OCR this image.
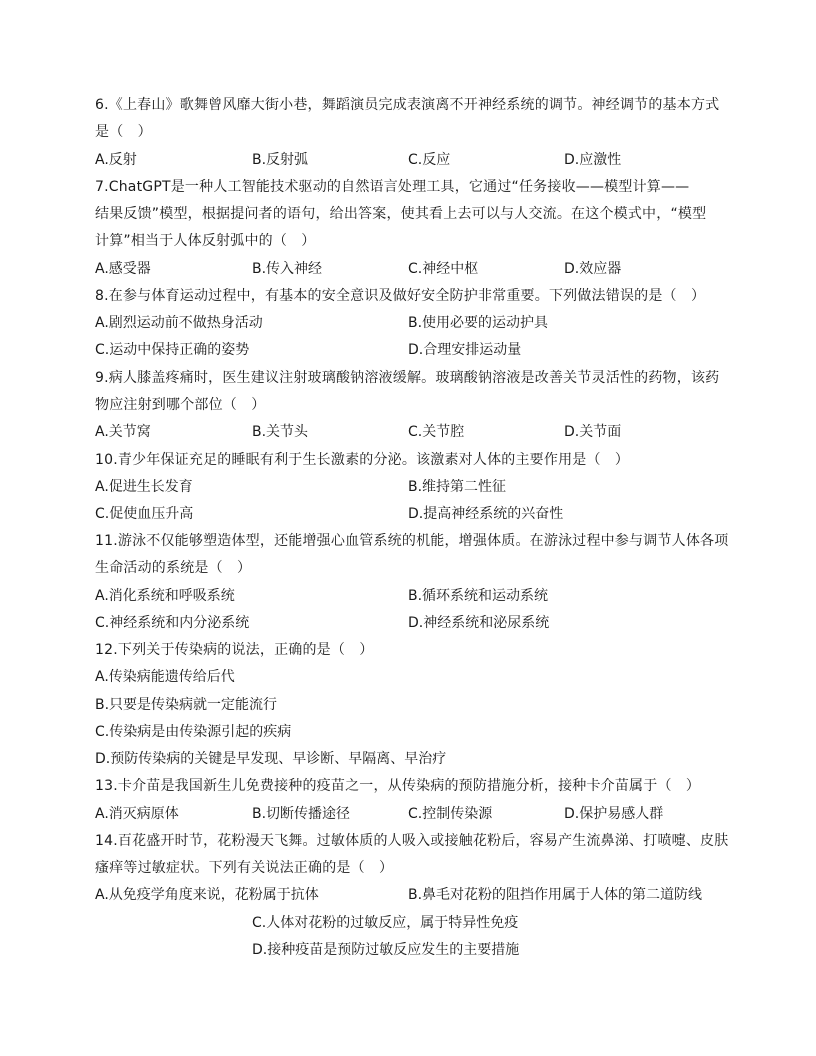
6.《上春山》歌舞曾风靡大街小巷，舞蹈演员完成表演离不开神经系统的调节。神经调节的基本方式
是（　）
A.反射	B.反射弧	C.反应	D.应激性
7.ChatGPT是一种人工智能技术驱动的自然语言处理工具，它通过“任务接收——模型计算——
结果反馈”模型，根据提问者的语句，给出答案，使其看上去可以与人交流。在这个模式中，“模型
计算”相当于人体反射弧中的（　）
A.感受器	B.传入神经	C.神经中枢	D.效应器
8.在参与体育运动过程中，有基本的安全意识及做好安全防护非常重要。下列做法错误的是（　）
A.剧烈运动前不做热身活动	B.使用必要的运动护具
C.运动中保持正确的姿势	D.合理安排运动量
9.病人膝盖疼痛时，医生建议注射玻璃酸钠溶液缓解。玻璃酸钠溶液是改善关节灵活性的药物，该药
物应注射到哪个部位（　）
A.关节窝	B.关节头	C.关节腔	D.关节面
10.青少年保证充足的睡眠有利于生长激素的分泌。该激素对人体的主要作用是（　）
A.促进生长发育	B.维持第二性征
C.促使血压升高	D.提高神经系统的兴奋性
11.游泳不仅能够塑造体型，还能增强心血管系统的机能，增强体质。在游泳过程中参与调节人体各项
生命活动的系统是（　）
A.消化系统和呼吸系统	B.循环系统和运动系统
C.神经系统和内分泌系统	D.神经系统和泌尿系统
12.下列关于传染病的说法，正确的是（　）
A.传染病能遗传给后代
B.只要是传染病就一定能流行
C.传染病是由传染源引起的疾病
D.预防传染病的关键是早发现、早诊断、早隔离、早治疗
13.卡介苗是我国新生儿免费接种的疫苗之一，从传染病的预防措施分析，接种卡介苗属于（　）
A.消灭病原体	B.切断传播途径	C.控制传染源	D.保护易感人群
14.百花盛开时节，花粉漫天飞舞。过敏体质的人吸入或接触花粉后，容易产生流鼻涕、打喷嚏、皮肤
瘙痒等过敏症状。下列有关说法正确的是（　）
A.从免疫学角度来说，花粉属于抗体	B.鼻毛对花粉的阻挡作用属于人体的第二道防线
C.人体对花粉的过敏反应，属于特异性免疫
D.接种疫苗是预防过敏反应发生的主要措施
